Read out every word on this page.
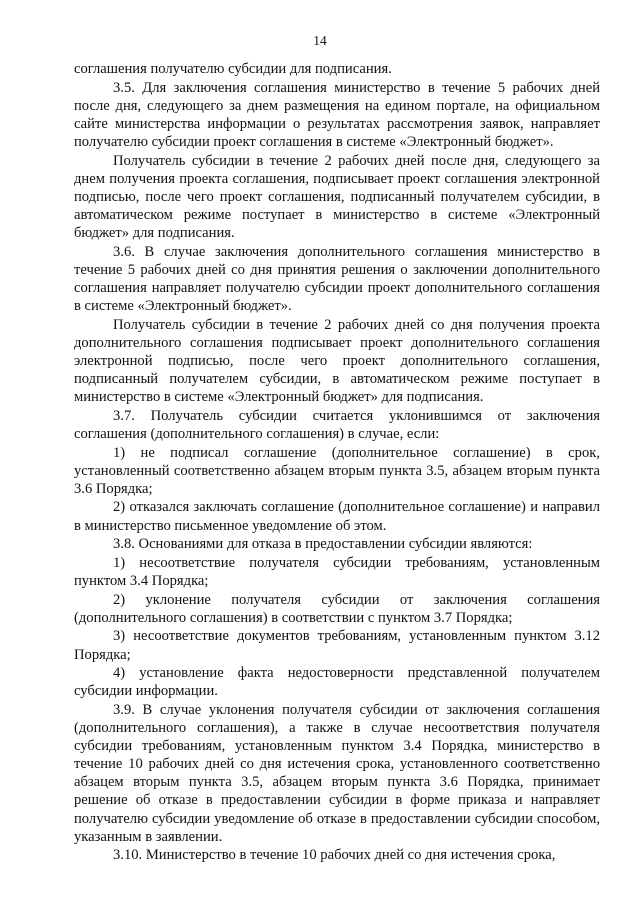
14

соглашения получателю субсидии для подписания.

3.5. Для заключения соглашения министерство в течение 5 рабочих дней после дня, следующего за днем размещения на едином портале, на официальном сайте министерства информации о результатах рассмотрения заявок, направляет получателю субсидии проект соглашения в системе «Электронный бюджет».

Получатель субсидии в течение 2 рабочих дней после дня, следующего за днем получения проекта соглашения, подписывает проект соглашения электронной подписью, после чего проект соглашения, подписанный получателем субсидии, в автоматическом режиме поступает в министерство в системе «Электронный бюджет» для подписания.

3.6. В случае заключения дополнительного соглашения министерство в течение 5 рабочих дней со дня принятия решения о заключении дополнительного соглашения направляет получателю субсидии проект дополнительного соглашения в системе «Электронный бюджет».

Получатель субсидии в течение 2 рабочих дней со дня получения проекта дополнительного соглашения подписывает проект дополнительного соглашения электронной подписью, после чего проект дополнительного соглашения, подписанный получателем субсидии, в автоматическом режиме поступает в министерство в системе «Электронный бюджет» для подписания.

3.7. Получатель субсидии считается уклонившимся от заключения соглашения (дополнительного соглашения) в случае, если:

1) не подписал соглашение (дополнительное соглашение) в срок, установленный соответственно абзацем вторым пункта 3.5, абзацем вторым пункта 3.6 Порядка;

2) отказался заключать соглашение (дополнительное соглашение) и направил в министерство письменное уведомление об этом.

3.8. Основаниями для отказа в предоставлении субсидии являются:

1) несоответствие получателя субсидии требованиям, установленным пунктом 3.4 Порядка;

2) уклонение получателя субсидии от заключения соглашения (дополнительного соглашения) в соответствии с пунктом 3.7 Порядка;

3) несоответствие документов требованиям, установленным пунктом 3.12 Порядка;

4) установление факта недостоверности представленной получателем субсидии информации.

3.9. В случае уклонения получателя субсидии от заключения соглашения (дополнительного соглашения), а также в случае несоответствия получателя субсидии требованиям, установленным пунктом 3.4 Порядка, министерство в течение 10 рабочих дней со дня истечения срока, установленного соответственно абзацем вторым пункта 3.5, абзацем вторым пункта 3.6 Порядка, принимает решение об отказе в предоставлении субсидии в форме приказа и направляет получателю субсидии уведомление об отказе в предоставлении субсидии способом, указанным в заявлении.

3.10. Министерство в течение 10 рабочих дней со дня истечения срока,
